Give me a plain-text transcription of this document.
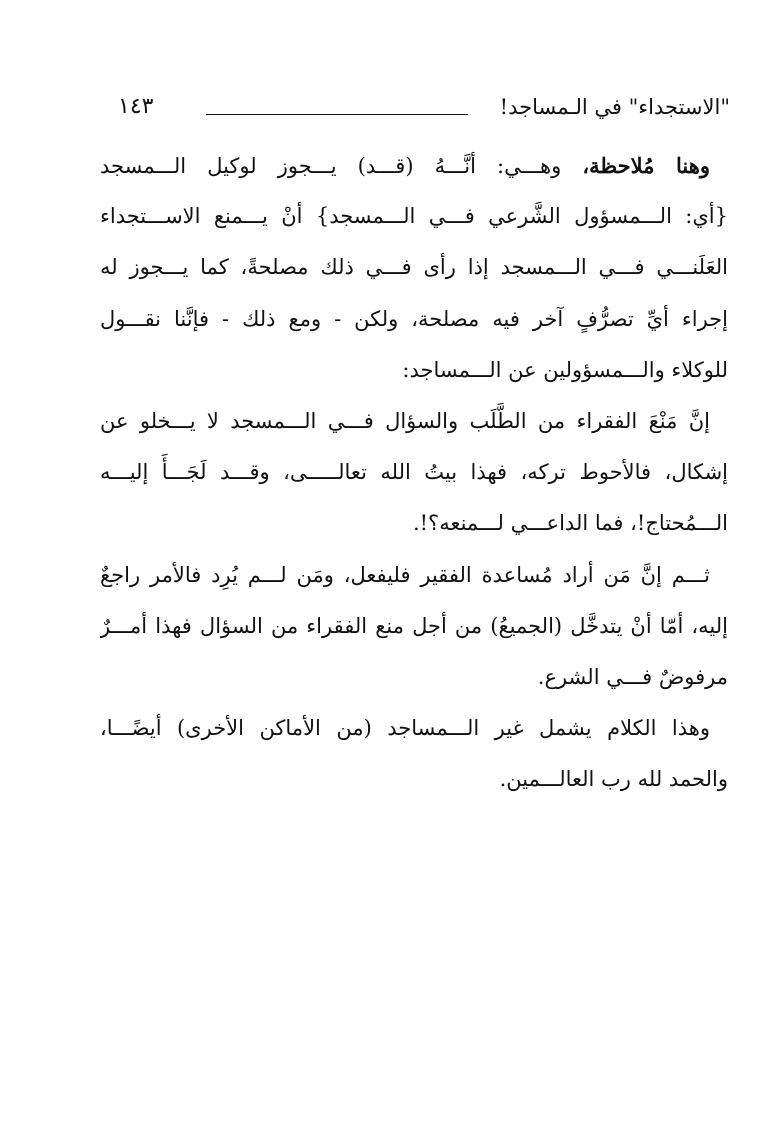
"الاستجداء" في الـمساجد!
١٤٣
وهنا مُلاحظة، وهـــي: أنَّـــهُ (قـــد) يـــجوز لوكيل الـــمسجد
{أي: الـــمسؤول الشَّرعي فـــي الـــمسجد} أنْ يـــمنع الاســـتجداء
العَلَنـــي فـــي الـــمسجد إذا رأى فـــي ذلك مصلحةً، كما يـــجوز له
إجراء أيِّ تصرُّفٍ آخر فيه مصلحة، ولكن - ومع ذلك - فإنَّنا نقـــول
للوكلاء والـــمسؤولين عن الـــمساجد:
إنَّ مَنْعَ الفقراء من الطَّلَب والسؤال فـــي الـــمسجد لا يـــخلو عن
إشكال، فالأحوط تركه، فهذا بيتُ الله تعالـــــى، وقـــد لَجَـــأَ إليـــه
الـــمُحتاج!، فما الداعـــي لـــمنعه؟!.
ثـــم إنَّ مَن أراد مُساعدة الفقير فليفعل، ومَن لـــم يُرِد فالأمر راجعٌ
إليه، أمّا أنْ يتدخَّل (الجميعُ) من أجل منع الفقراء من السؤال فهذا أمـــرٌ
مرفوضٌ فـــي الشرع.
وهذا الكلام يشمل غير الـــمساجد (من الأماكن الأخرى) أيضًـــا،
والحمد لله رب العالـــمين.
